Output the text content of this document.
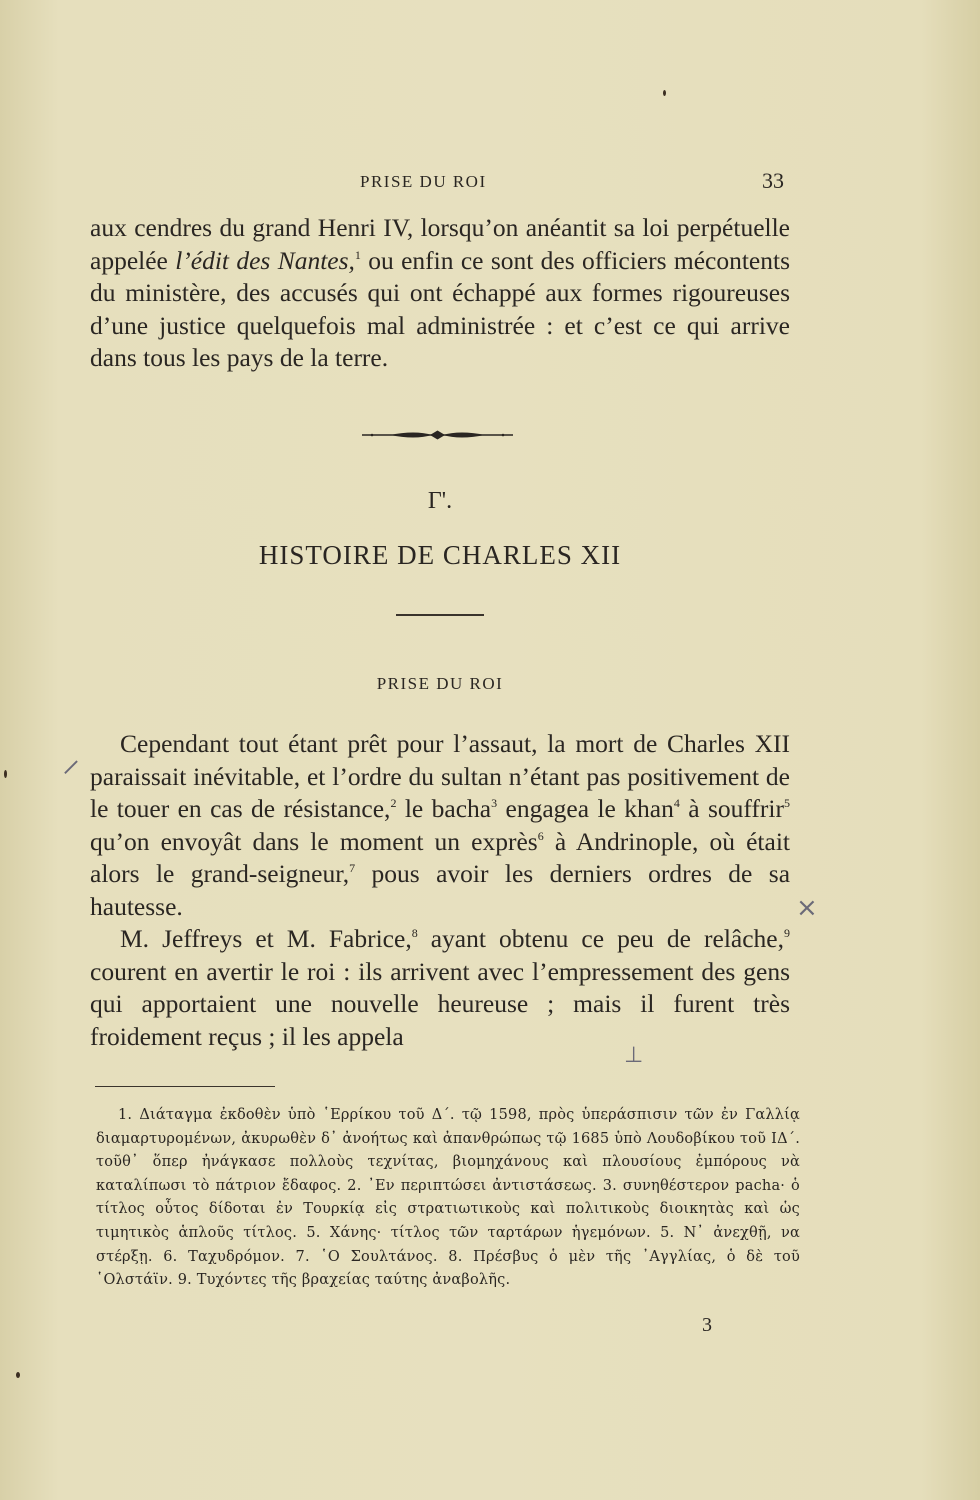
PRISE DU ROI	33

aux cendres du grand Henri IV, lorsqu’on anéantit sa loi perpétuelle appelée l’édit des Nantes,$^1$ ou enfin ce sont des officiers mécontents du ministère, des accusés qui ont échappé aux formes rigoureuses d’une justice quelquefois mal administrée : et c’est ce qui arrive dans tous les pays de la terre.

Γ'.
HISTOIRE DE CHARLES XII
PRISE DU ROI

Cependant tout étant prêt pour l’assaut, la mort de Charles XII paraissait inévitable, et l’ordre du sultan n’étant pas positivement de le touer en cas de résistance,$^2$ le bacha$^3$ engagea le khan$^4$ à souffrir$^5$ qu’on envoyât dans le moment un exprès$^6$ à Andrinople, où était alors le grand-seigneur,$^7$ pous avoir les derniers ordres de sa hautesse.

M. Jeffreys et M. Fabrice,$^8$ ayant obtenu ce peu de relâche,$^9$ courent en avertir le roi : ils arrivent avec l’empressement des gens qui apportaient une nouvelle heureuse ; mais il furent très froidement reçus ; il les appela

1. Διάταγμα ἐκδοθὲν ὑπὸ ῾Ερρίκου τοῦ Δ΄. τῷ 1598, πρὸς ὑπεράσπισιν τῶν ἐν Γαλλίᾳ διαμαρτυρομένων, ἀκυρωθὲν δ᾽ ἀνοήτως καὶ ἀπανθρώπως τῷ 1685 ὑπὸ Λουδοβίκου τοῦ ΙΔ΄. τοῦθ᾽ ὅπερ ἠνάγκασε πολλοὺς τεχνίτας, βιομηχάνους καὶ πλουσίους ἐμπόρους νὰ καταλίπωσι τὸ πάτριον ἔδαφος. 2. ᾽Εν περιπτώσει ἀντιστάσεως. 3. συνηθέστερον pacha· ὁ τίτλος οὗτος δίδοται ἐν Τουρκίᾳ εἰς στρατιωτικοὺς καὶ πολιτικοὺς διοικητὰς καὶ ὡς τιμητικὸς ἁπλοῦς τίτλος. 5. Χάνης· τίτλος τῶν ταρτάρων ἡγεμόνων. 5. Ν᾽ ἀνεχθῇ, να στέρξῃ. 6. Ταχυδρόμον. 7. ῾Ο Σουλτάνος. 8. Πρέσβυς ὁ μὲν τῆς ᾽Αγγλίας, ὁ δὲ τοῦ ῾Ολστάϊν. 9. Τυχόντες τῆς βραχείας ταύτης ἀναβολῆς.

3
⸝
×
⊥
